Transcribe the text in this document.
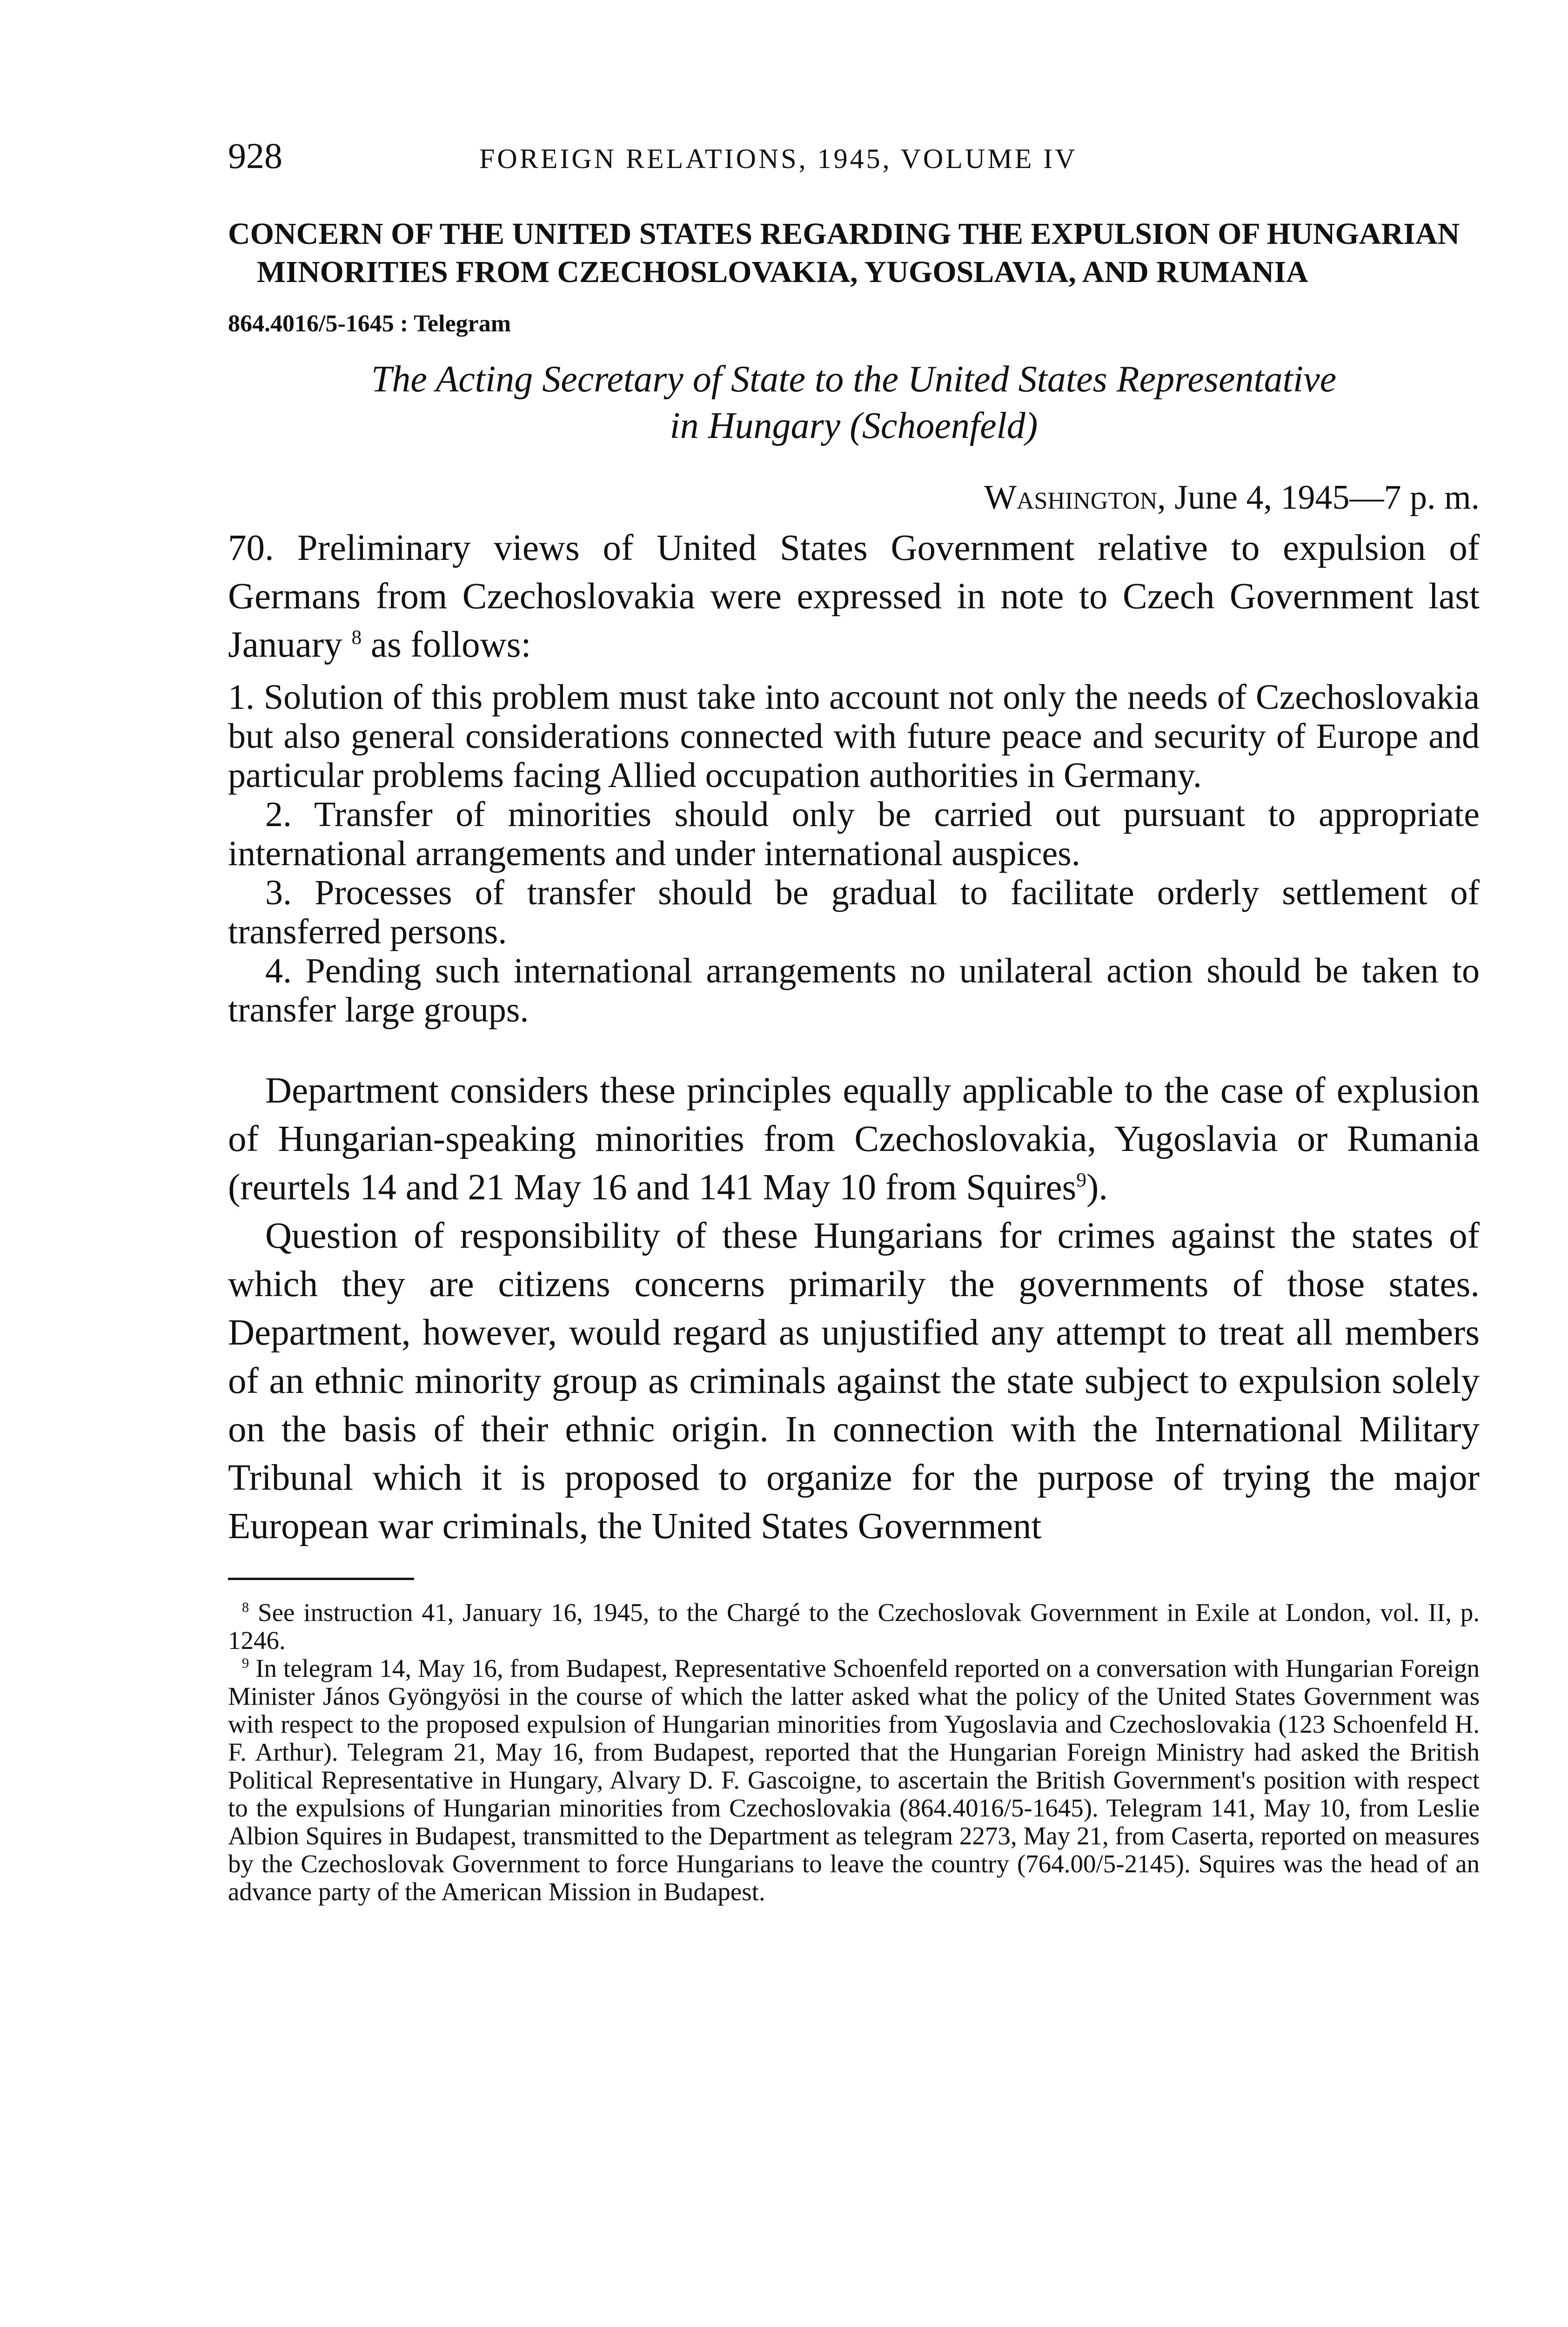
928	FOREIGN RELATIONS, 1945, VOLUME IV
CONCERN OF THE UNITED STATES REGARDING THE EXPULSION OF HUNGARIAN MINORITIES FROM CZECHOSLOVAKIA, YUGOSLAVIA, AND RUMANIA
864.4016/5-1645 : Telegram
The Acting Secretary of State to the United States Representative
in Hungary (Schoenfeld)
Washington, June 4, 1945—7 p. m.

70. Preliminary views of United States Government relative to expulsion of Germans from Czechoslovakia were expressed in note to Czech Government last January $^8$ as follows:

1. Solution of this problem must take into account not only the needs of Czechoslovakia but also general considerations connected with future peace and security of Europe and particular problems facing Allied occupation authorities in Germany.

2. Transfer of minorities should only be carried out pursuant to appropriate international arrangements and under international auspices.

3. Processes of transfer should be gradual to facilitate orderly settlement of transferred persons.

4. Pending such international arrangements no unilateral action should be taken to transfer large groups.

Department considers these principles equally applicable to the case of explusion of Hungarian-speaking minorities from Czechoslovakia, Yugoslavia or Rumania (reurtels 14 and 21 May 16 and 141 May 10 from Squires$^9$).

Question of responsibility of these Hungarians for crimes against the states of which they are citizens concerns primarily the governments of those states. Department, however, would regard as unjustified any attempt to treat all members of an ethnic minority group as criminals against the state subject to expulsion solely on the basis of their ethnic origin. In connection with the International Military Tribunal which it is proposed to organize for the purpose of trying the major European war criminals, the United States Government

$^8$ See instruction 41, January 16, 1945, to the Chargé to the Czechoslovak Government in Exile at London, vol. II, p. 1246.

$^9$ In telegram 14, May 16, from Budapest, Representative Schoenfeld reported on a conversation with Hungarian Foreign Minister János Gyöngyösi in the course of which the latter asked what the policy of the United States Government was with respect to the proposed expulsion of Hungarian minorities from Yugoslavia and Czechoslovakia (123 Schoenfeld H. F. Arthur). Telegram 21, May 16, from Budapest, reported that the Hungarian Foreign Ministry had asked the British Political Representative in Hungary, Alvary D. F. Gascoigne, to ascertain the British Government's position with respect to the expulsions of Hungarian minorities from Czechoslovakia (864.4016/5-1645). Telegram 141, May 10, from Leslie Albion Squires in Budapest, transmitted to the Department as telegram 2273, May 21, from Caserta, reported on measures by the Czechoslovak Government to force Hungarians to leave the country (764.00/5-2145). Squires was the head of an advance party of the American Mission in Budapest.
